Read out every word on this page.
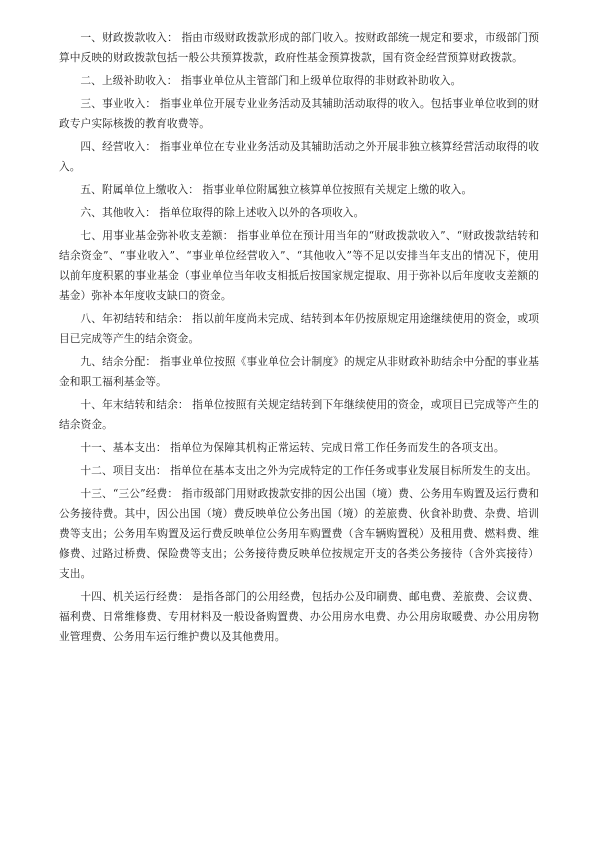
一、财政拨款收入： 指由市级财政拨款形成的部门收入。按财政部统一规定和要求，市级部门预算中反映的财政拨款包括一般公共预算拨款，政府性基金预算拨款，国有资金经营预算财政拨款。

二、上级补助收入： 指事业单位从主管部门和上级单位取得的非财政补助收入。

三、事业收入： 指事业单位开展专业业务活动及其辅助活动取得的收入。包括事业单位收到的财政专户实际核拨的教育收费等。

四、经营收入： 指事业单位在专业业务活动及其辅助活动之外开展非独立核算经营活动取得的收入。

五、附属单位上缴收入： 指事业单位附属独立核算单位按照有关规定上缴的收入。

六、其他收入： 指单位取得的除上述收入以外的各项收入。

七、用事业基金弥补收支差额： 指事业单位在预计用当年的“财政拨款收入”、“财政拨款结转和结余资金”、“事业收入”、“事业单位经营收入”、“其他收入”等不足以安排当年支出的情况下，使用以前年度积累的事业基金（事业单位当年收支相抵后按国家规定提取、用于弥补以后年度收支差额的基金）弥补本年度收支缺口的资金。

八、年初结转和结余： 指以前年度尚未完成、结转到本年仍按原规定用途继续使用的资金，或项目已完成等产生的结余资金。

九、结余分配： 指事业单位按照《事业单位会计制度》的规定从非财政补助结余中分配的事业基金和职工福利基金等。

十、年末结转和结余： 指单位按照有关规定结转到下年继续使用的资金，或项目已完成等产生的结余资金。

十一、基本支出： 指单位为保障其机构正常运转、完成日常工作任务而发生的各项支出。

十二、项目支出： 指单位在基本支出之外为完成特定的工作任务或事业发展目标所发生的支出。

十三、“三公”经费： 指市级部门用财政拨款安排的因公出国（境）费、公务用车购置及运行费和公务接待费。其中，因公出国（境）费反映单位公务出国（境）的差旅费、伙食补助费、杂费、培训费等支出；公务用车购置及运行费反映单位公务用车购置费（含车辆购置税）及租用费、燃料费、维修费、过路过桥费、保险费等支出；公务接待费反映单位按规定开支的各类公务接待（含外宾接待）支出。

十四、机关运行经费： 是指各部门的公用经费，包括办公及印刷费、邮电费、差旅费、会议费、福利费、日常维修费、专用材料及一般设备购置费、办公用房水电费、办公用房取暖费、办公用房物业管理费、公务用车运行维护费以及其他费用。
